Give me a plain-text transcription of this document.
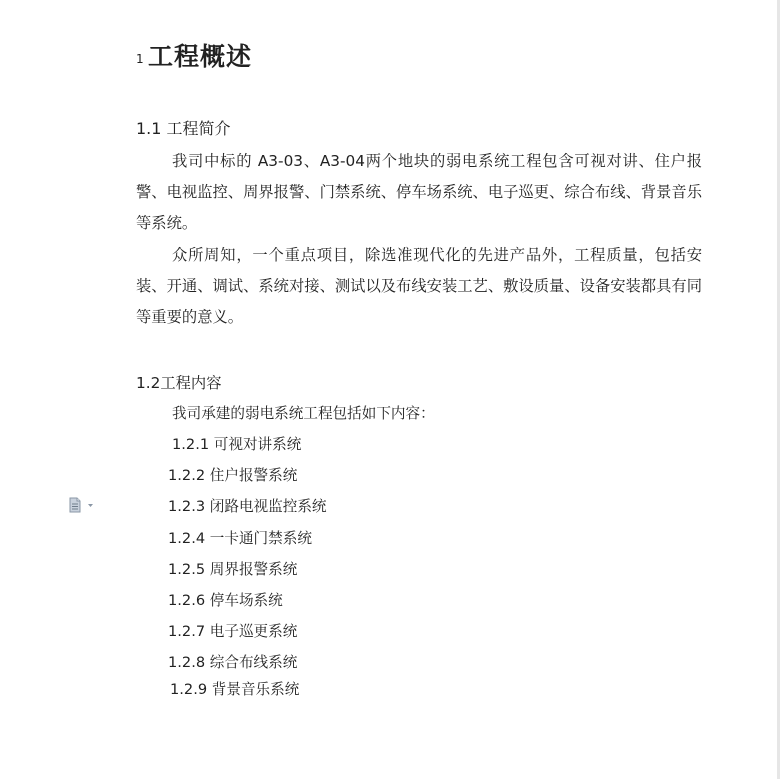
1 工程概述
1.1 工程简介

我司中标的 A3-03、A3-04两个地块的弱电系统工程包含可视对讲、住户报警、电视监控、周界报警、门禁系统、停车场系统、电子巡更、综合布线、背景音乐等系统。

众所周知，一个重点项目，除选准现代化的先进产品外，工程质量，包括安装、开通、调试、系统对接、测试以及布线安装工艺、敷设质量、设备安装都具有同等重要的意义。

1.2工程内容
我司承建的弱电系统工程包括如下内容：
1.2.1 可视对讲系统
1.2.2 住户报警系统
1.2.3 闭路电视监控系统
1.2.4 一卡通门禁系统
1.2.5 周界报警系统
1.2.6 停车场系统
1.2.7 电子巡更系统
1.2.8 综合布线系统
1.2.9 背景音乐系统
